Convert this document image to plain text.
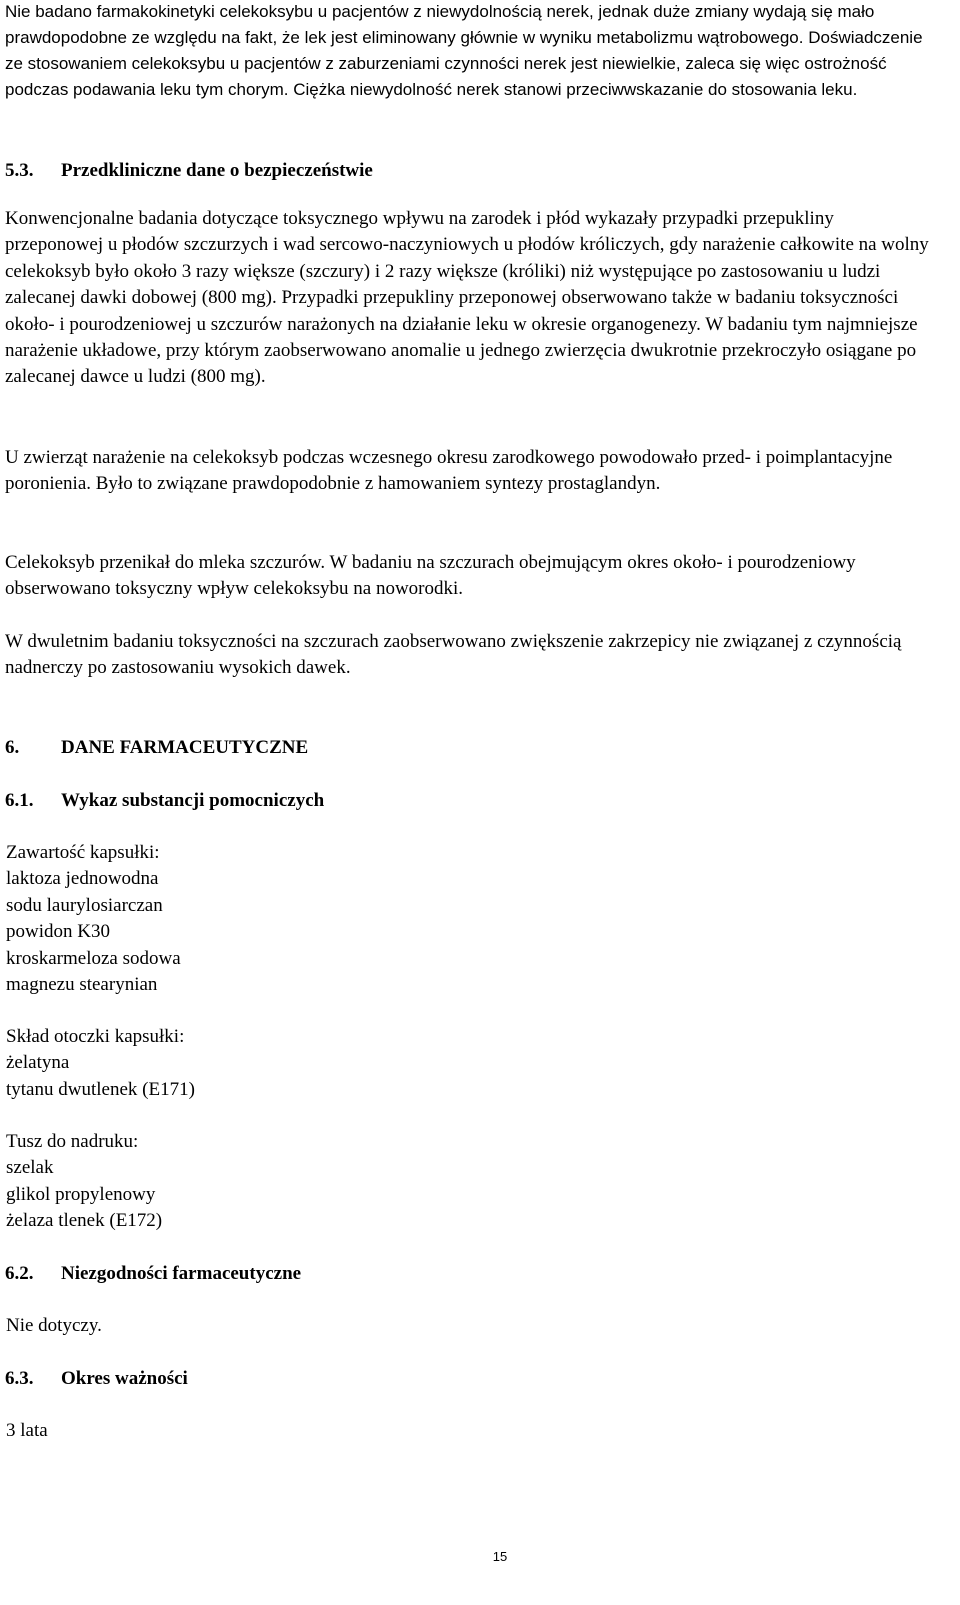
Nie badano farmakokinetyki celekoksybu u pacjentów z niewydolnością nerek, jednak duże zmiany wydają się mało prawdopodobne ze względu na fakt, że lek jest eliminowany głównie w wyniku metabolizmu wątrobowego. Doświadczenie ze stosowaniem celekoksybu u pacjentów z zaburzeniami czynności nerek jest niewielkie, zaleca się więc ostrożność podczas podawania leku tym chorym. Ciężka niewydolność nerek stanowi przeciwwskazanie do stosowania leku.

5.3. Przedkliniczne dane o bezpieczeństwie

Konwencjonalne badania dotyczące toksycznego wpływu na zarodek i płód wykazały przypadki przepukliny przeponowej u płodów szczurzych i wad sercowo-naczyniowych u płodów króliczych, gdy narażenie całkowite na wolny celekoksyb było około 3 razy większe (szczury) i 2 razy większe (króliki) niż występujące po zastosowaniu u ludzi zalecanej dawki dobowej (800 mg). Przypadki przepukliny przeponowej obserwowano także w badaniu toksyczności około- i pourodzeniowej u szczurów narażonych na działanie leku w okresie organogenezy. W badaniu tym najmniejsze narażenie układowe, przy którym zaobserwowano anomalie u jednego zwierzęcia dwukrotnie przekroczyło osiągane po zalecanej dawce u ludzi (800 mg).

U zwierząt narażenie na celekoksyb podczas wczesnego okresu zarodkowego powodowało przed- i poimplantacyjne poronienia. Było to związane prawdopodobnie z hamowaniem syntezy prostaglandyn.

Celekoksyb przenikał do mleka szczurów. W badaniu na szczurach obejmującym okres około- i pourodzeniowy obserwowano toksyczny wpływ celekoksybu na noworodki.

W dwuletnim badaniu toksyczności na szczurach zaobserwowano zwiększenie zakrzepicy nie związanej z czynnością nadnerczy po zastosowaniu wysokich dawek.

6. DANE FARMACEUTYCZNE
6.1. Wykaz substancji pomocniczych
Zawartość kapsułki:
laktoza jednowodna
sodu laurylosiarczan
powidon K30
kroskarmeloza sodowa
magnezu stearynian
Skład otoczki kapsułki:
żelatyna
tytanu dwutlenek (E171)
Tusz do nadruku:
szelak
glikol propylenowy
żelaza tlenek (E172)
6.2. Niezgodności farmaceutyczne
Nie dotyczy.
6.3. Okres ważności
3 lata
15
